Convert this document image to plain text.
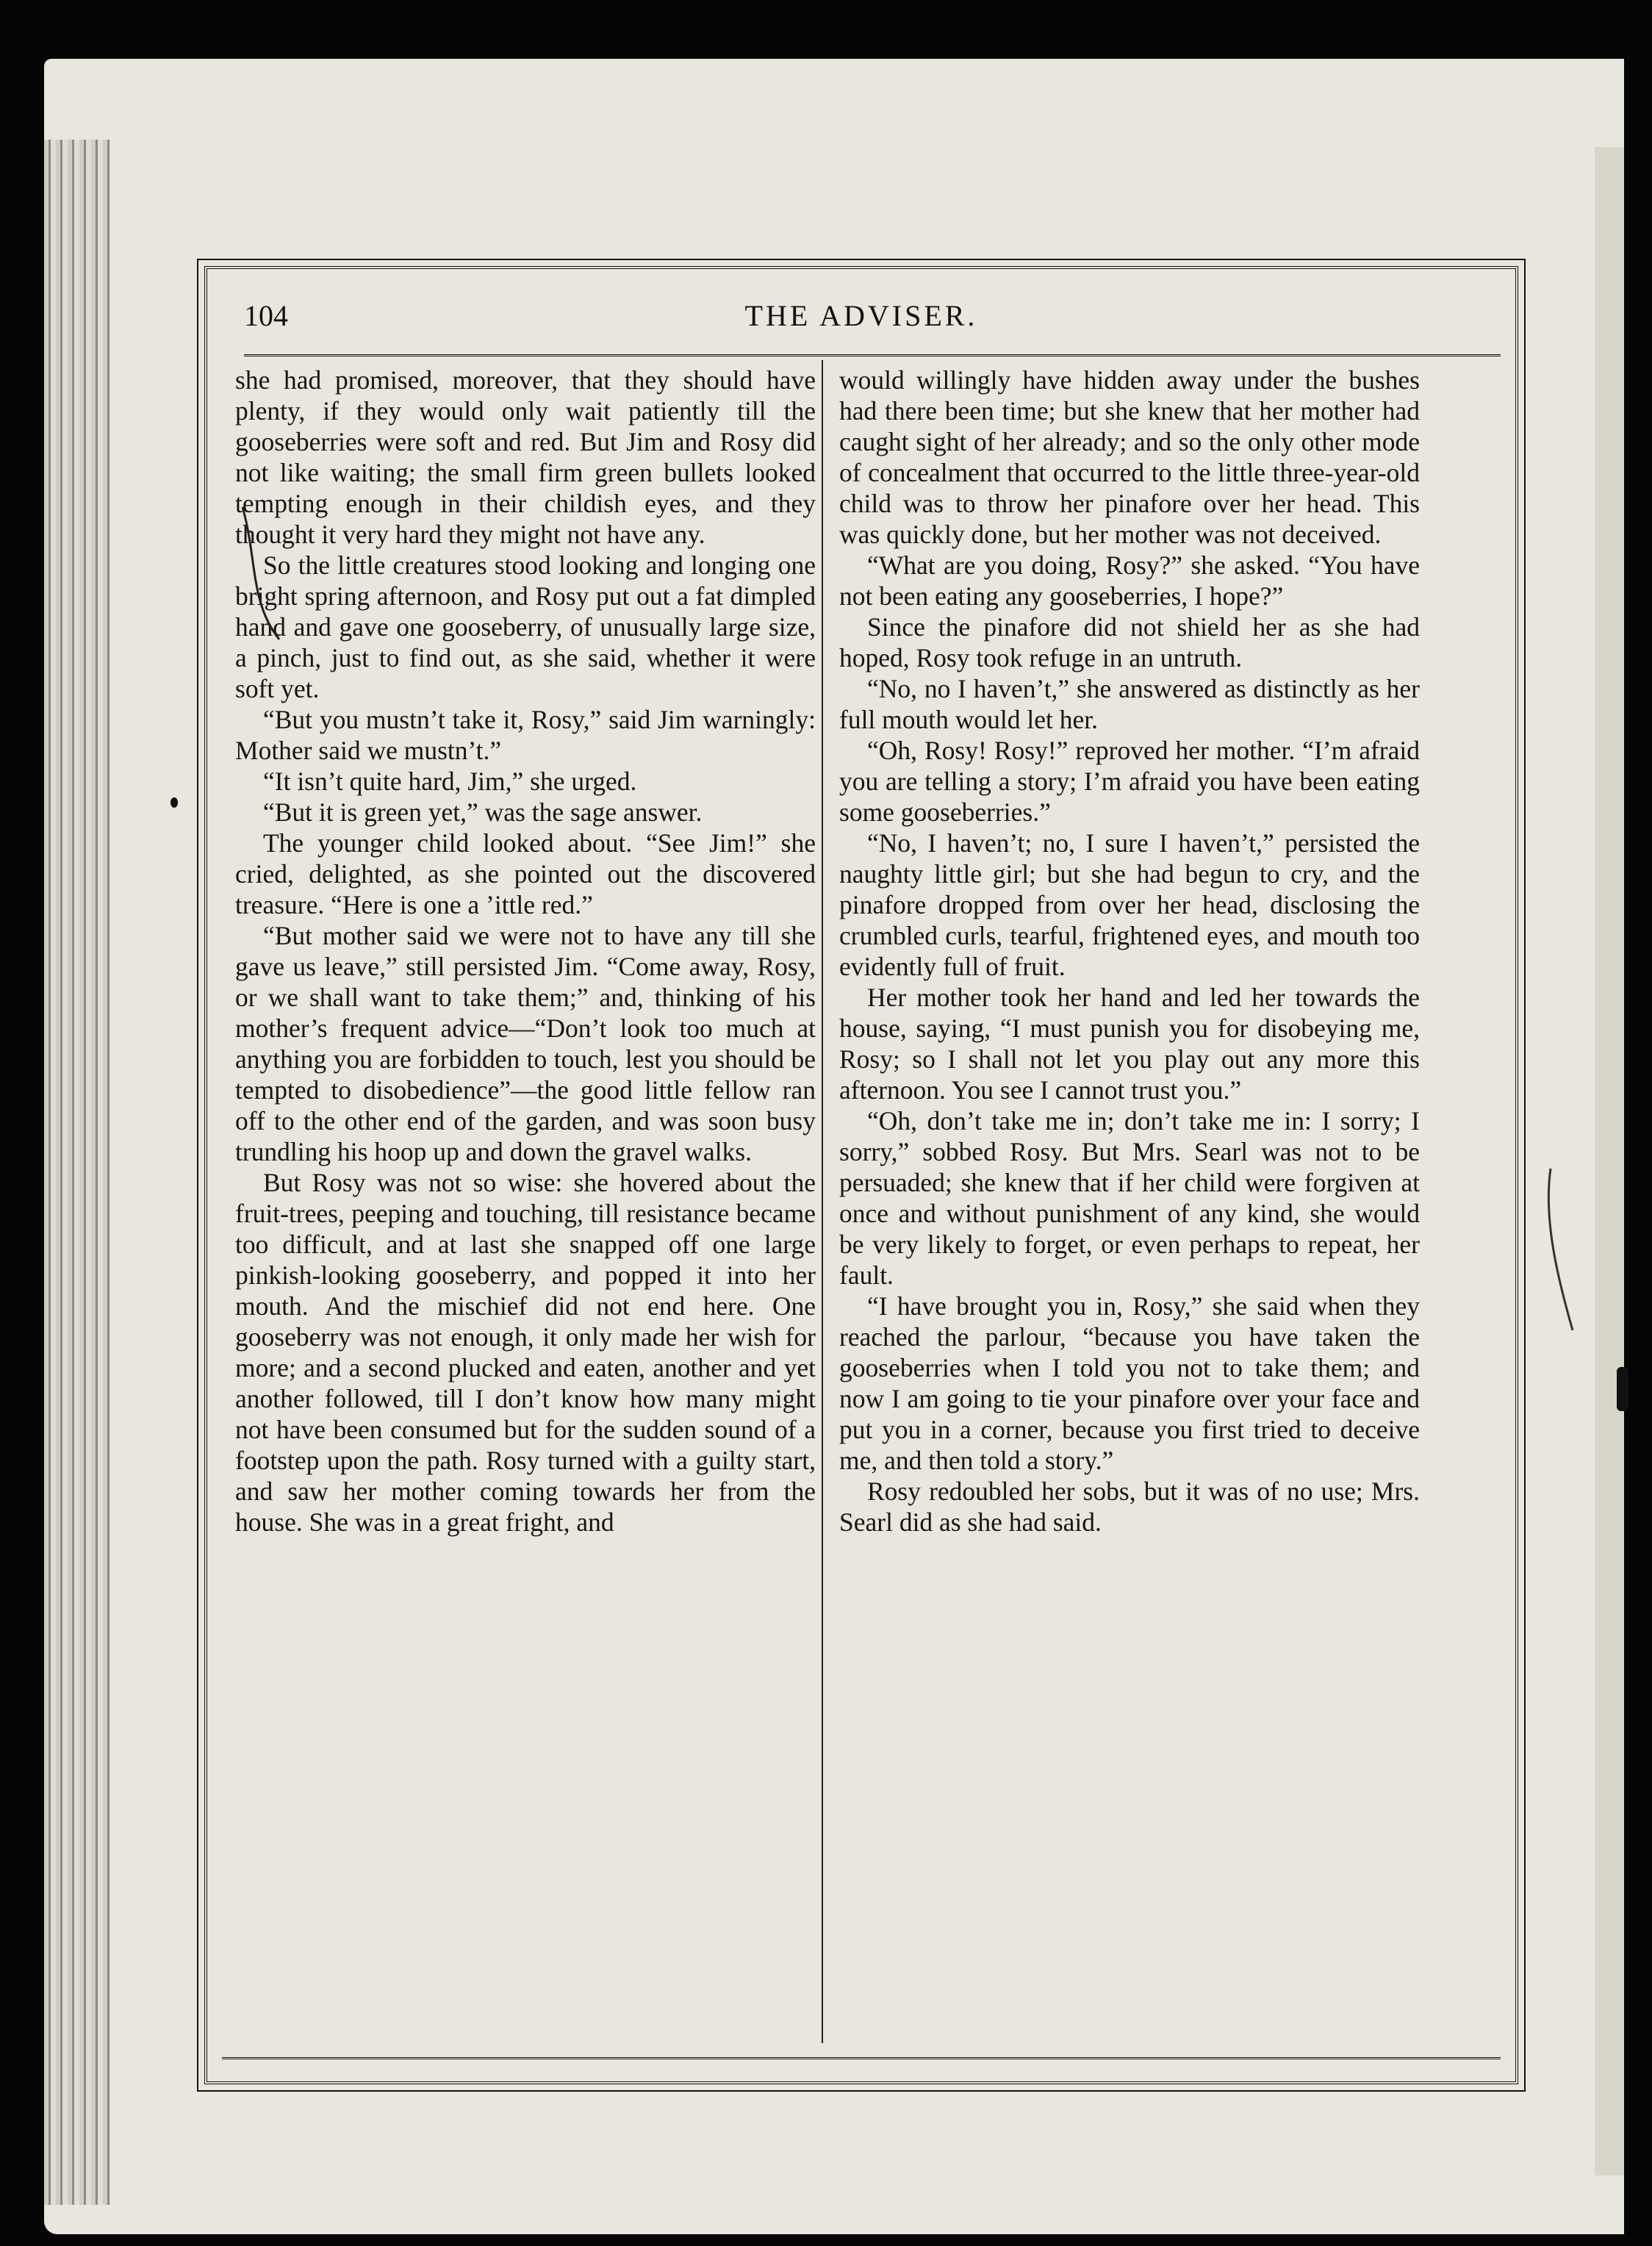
104	THE ADVISER.

she had promised, moreover, that they should have plenty, if they would only wait patiently till the gooseberries were soft and red. But Jim and Rosy did not like waiting; the small firm green bullets looked tempting enough in their childish eyes, and they thought it very hard they might not have any.

So the little creatures stood looking and longing one bright spring afternoon, and Rosy put out a fat dimpled hand and gave one gooseberry, of unusually large size, a pinch, just to find out, as she said, whether it were soft yet.

“But you mustn’t take it, Rosy,” said Jim warningly: Mother said we mustn’t.”

“It isn’t quite hard, Jim,” she urged.

“But it is green yet,” was the sage answer.

The younger child looked about. “See Jim!” she cried, delighted, as she pointed out the discovered treasure. “Here is one a ’ittle red.”

“But mother said we were not to have any till she gave us leave,” still persisted Jim. “Come away, Rosy, or we shall want to take them;” and, thinking of his mother’s frequent advice—“Don’t look too much at anything you are forbidden to touch, lest you should be tempted to disobedience”—the good little fellow ran off to the other end of the garden, and was soon busy trundling his hoop up and down the gravel walks.

But Rosy was not so wise: she hovered about the fruit-trees, peeping and touching, till resistance became too difficult, and at last she snapped off one large pinkish-looking gooseberry, and popped it into her mouth. And the mischief did not end here. One gooseberry was not enough, it only made her wish for more; and a second plucked and eaten, another and yet another followed, till I don’t know how many might not have been consumed but for the sudden sound of a footstep upon the path. Rosy turned with a guilty start, and saw her mother coming towards her from the house. She was in a great fright, and

would willingly have hidden away under the bushes had there been time; but she knew that her mother had caught sight of her already; and so the only other mode of concealment that occurred to the little three-year-old child was to throw her pinafore over her head. This was quickly done, but her mother was not deceived.

“What are you doing, Rosy?” she asked. “You have not been eating any gooseberries, I hope?”

Since the pinafore did not shield her as she had hoped, Rosy took refuge in an untruth.

“No, no I haven’t,” she answered as distinctly as her full mouth would let her.

“Oh, Rosy! Rosy!” reproved her mother. “I’m afraid you are telling a story; I’m afraid you have been eating some gooseberries.”

“No, I haven’t; no, I sure I haven’t,” persisted the naughty little girl; but she had begun to cry, and the pinafore dropped from over her head, disclosing the crumbled curls, tearful, frightened eyes, and mouth too evidently full of fruit.

Her mother took her hand and led her towards the house, saying, “I must punish you for disobeying me, Rosy; so I shall not let you play out any more this afternoon. You see I cannot trust you.”

“Oh, don’t take me in; don’t take me in: I sorry; I sorry,” sobbed Rosy. But Mrs. Searl was not to be persuaded; she knew that if her child were forgiven at once and without punishment of any kind, she would be very likely to forget, or even perhaps to repeat, her fault.

“I have brought you in, Rosy,” she said when they reached the parlour, “because you have taken the gooseberries when I told you not to take them; and now I am going to tie your pinafore over your face and put you in a corner, because you first tried to deceive me, and then told a story.”

Rosy redoubled her sobs, but it was of no use; Mrs. Searl did as she had said.
